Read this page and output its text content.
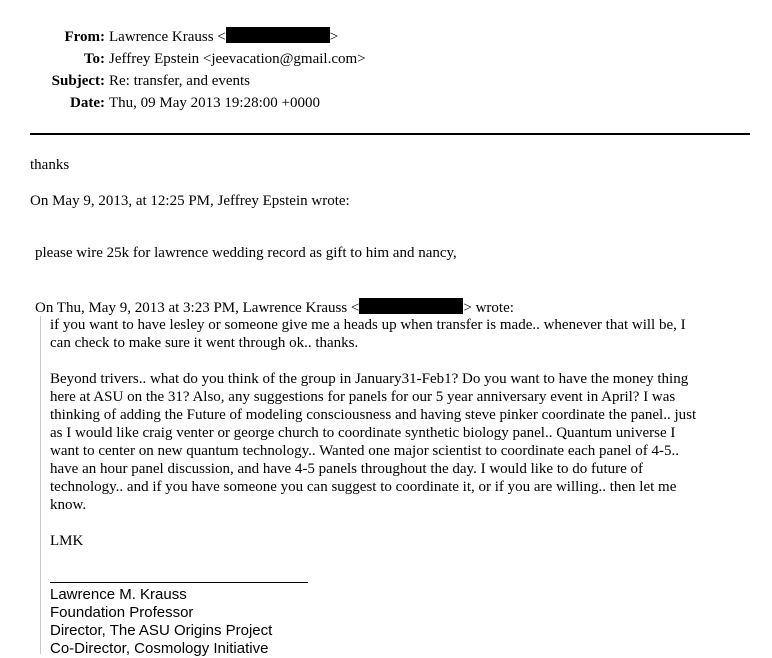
From: Lawrence Krauss <	>
To: Jeffrey Epstein <jeevacation@gmail.com>
Subject: Re: transfer, and events
Date: Thu, 09 May 2013 19:28:00 +0000
thanks
On May 9, 2013, at 12:25 PM, Jeffrey Epstein wrote:
please wire 25k for lawrence wedding record as gift to him and nancy,
On Thu, May 9, 2013 at 3:23 PM, Lawrence Krauss <	> wrote:
if you want to have lesley or someone give me a heads up when transfer is made.. whenever that will be, I
can check to make sure it went through ok.. thanks.
Beyond trivers.. what do you think of the group in January31-Feb1? Do you want to have the money thing
here at ASU on the 31? Also, any suggestions for panels for our 5 year anniversary event in April? I was
thinking of adding the Future of modeling consciousness and having steve pinker coordinate the panel.. just
as I would like craig venter or george church to coordinate synthetic biology panel.. Quantum universe I
want to center on new quantum technology.. Wanted one major scientist to coordinate each panel of 4-5..
have an hour panel discussion, and have 4-5 panels throughout the day. I would like to do future of
technology.. and if you have someone you can suggest to coordinate it, or if you are willing.. then let me
know.
LMK
Lawrence M. Krauss
Foundation Professor
Director, The ASU Origins Project
Co-Director, Cosmology Initiative
